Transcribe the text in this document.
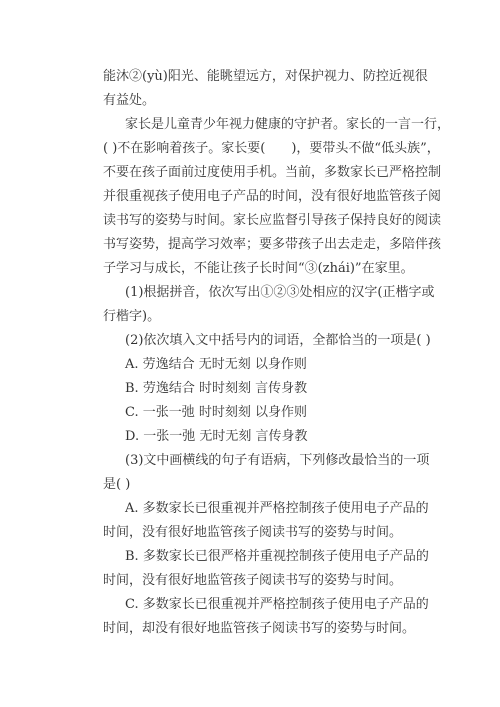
能沐②(yù)阳光、能眺望远方，对保护视力、防控近视很
有益处。
家长是儿童青少年视力健康的守护者。家长的一言一行，
( )不在影响着孩子。家长要(　　)，要带头不做“低头族”，
不要在孩子面前过度使用手机。当前，多数家长已严格控制
并很重视孩子使用电子产品的时间，没有很好地监管孩子阅
读书写的姿势与时间。家长应监督引导孩子保持良好的阅读
书写姿势，提高学习效率；要多带孩子出去走走，多陪伴孩
子学习与成长，不能让孩子长时间“③(zhái)”在家里。
(1)根据拼音，依次写出①②③处相应的汉字(正楷字或
行楷字)。
(2)依次填入文中括号内的词语，全都恰当的一项是( )
A. 劳逸结合 无时无刻 以身作则
B. 劳逸结合 时时刻刻 言传身教
C. 一张一弛 时时刻刻 以身作则
D. 一张一弛 无时无刻 言传身教
(3)文中画横线的句子有语病，下列修改最恰当的一项
是( )
A. 多数家长已很重视并严格控制孩子使用电子产品的
时间，没有很好地监管孩子阅读书写的姿势与时间。
B. 多数家长已很严格并重视控制孩子使用电子产品的
时间，没有很好地监管孩子阅读书写的姿势与时间。
C. 多数家长已很重视并严格控制孩子使用电子产品的
时间，却没有很好地监管孩子阅读书写的姿势与时间。
